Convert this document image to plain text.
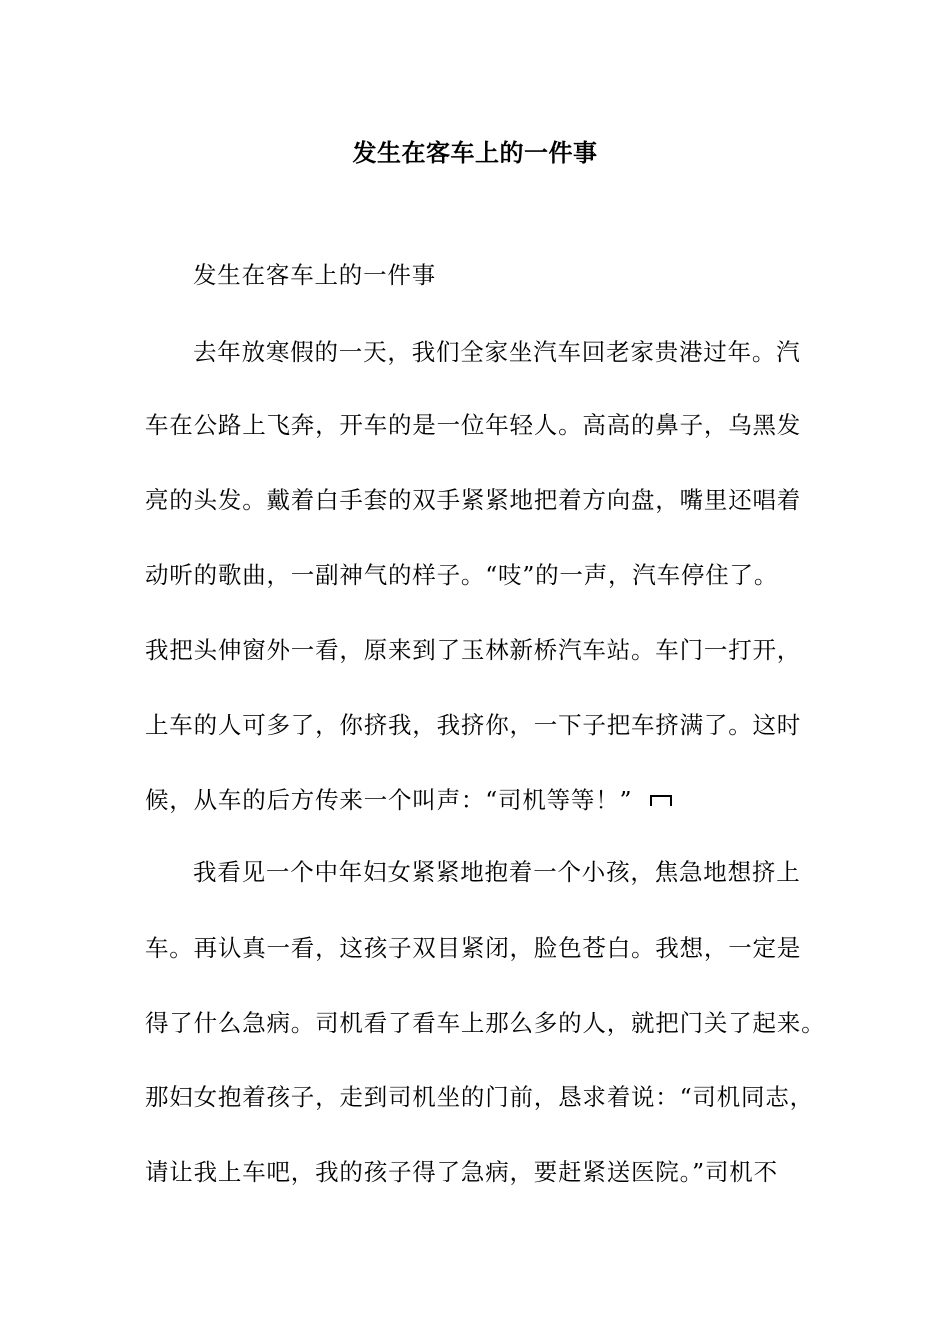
发生在客车上的一件事
发生在客车上的一件事
去年放寒假的一天，我们全家坐汽车回老家贵港过年。汽
车在公路上飞奔，开车的是一位年轻人。高高的鼻子，乌黑发
亮的头发。戴着白手套的双手紧紧地把着方向盘，嘴里还唱着
动听的歌曲，一副神气的样子。“吱”的一声，汽车停住了。
我把头伸窗外一看，原来到了玉林新桥汽车站。车门一打开，
上车的人可多了，你挤我，我挤你，一下子把车挤满了。这时
候，从车的后方传来一个叫声：“司机等等！”
我看见一个中年妇女紧紧地抱着一个小孩，焦急地想挤上
车。再认真一看，这孩子双目紧闭，脸色苍白。我想，一定是
得了什么急病。司机看了看车上那么多的人，就把门关了起来。
那妇女抱着孩子，走到司机坐的门前，恳求着说：“司机同志，
请让我上车吧，我的孩子得了急病，要赶紧送医院。”司机不
